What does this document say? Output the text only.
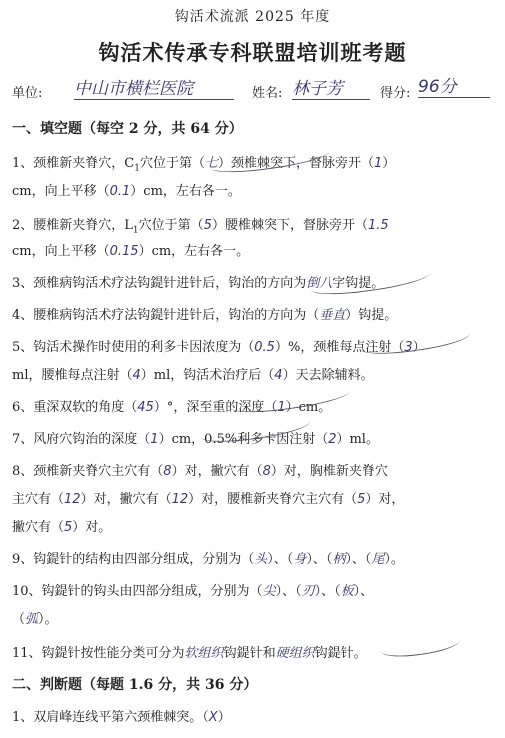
钩活术流派 2025 年度
钩活术传承专科联盟培训班考题
单位: 中山市横栏医院	姓名: 林子芳	得分: 96分
一、填空题（每空 2 分，共 64 分）
1、颈椎新夹脊穴，$C_1$穴位于第（七）颈椎棘突下，督脉旁开（1）
cm，向上平移（0.1）cm，左右各一。
2、腰椎新夹脊穴，$L_1$穴位于第（5）腰椎棘突下，督脉旁开（1.5
cm，向上平移（0.15）cm，左右各一。
3、颈椎病钩活术疗法钩鍉针进针后，钩治的方向为倒八字钩提。
4、腰椎病钩活术疗法钩鍉针进针后，钩治的方向为（垂直）钩提。
5、钩活术操作时使用的利多卡因浓度为（0.5）%，颈椎每点注射（3）
ml，腰椎每点注射（4）ml，钩活术治疗后（4）天去除辅料。
6、重深双软的角度（45）°，深至重的深度（1）cm。
7、风府穴钩治的深度（1）cm，0.5%利多卡因注射（2）ml。
8、颈椎新夹脊穴主穴有（8）对，撇穴有（8）对，胸椎新夹脊穴
主穴有（12）对，撇穴有（12）对，腰椎新夹脊穴主穴有（5）对，
撇穴有（5）对。
9、钩鍉针的结构由四部分组成，分别为（头）、（身）、（柄）、（尾）。
10、钩鍉针的钩头由四部分组成，分别为（尖）、（刃）、（板）、
（弧）。
11、钩鍉针按性能分类可分为软组织钩鍉针和硬组织钩鍉针。
二、判断题（每题 1.6 分，共 36 分）
1、双肩峰连线平第六颈椎棘突。（X）
